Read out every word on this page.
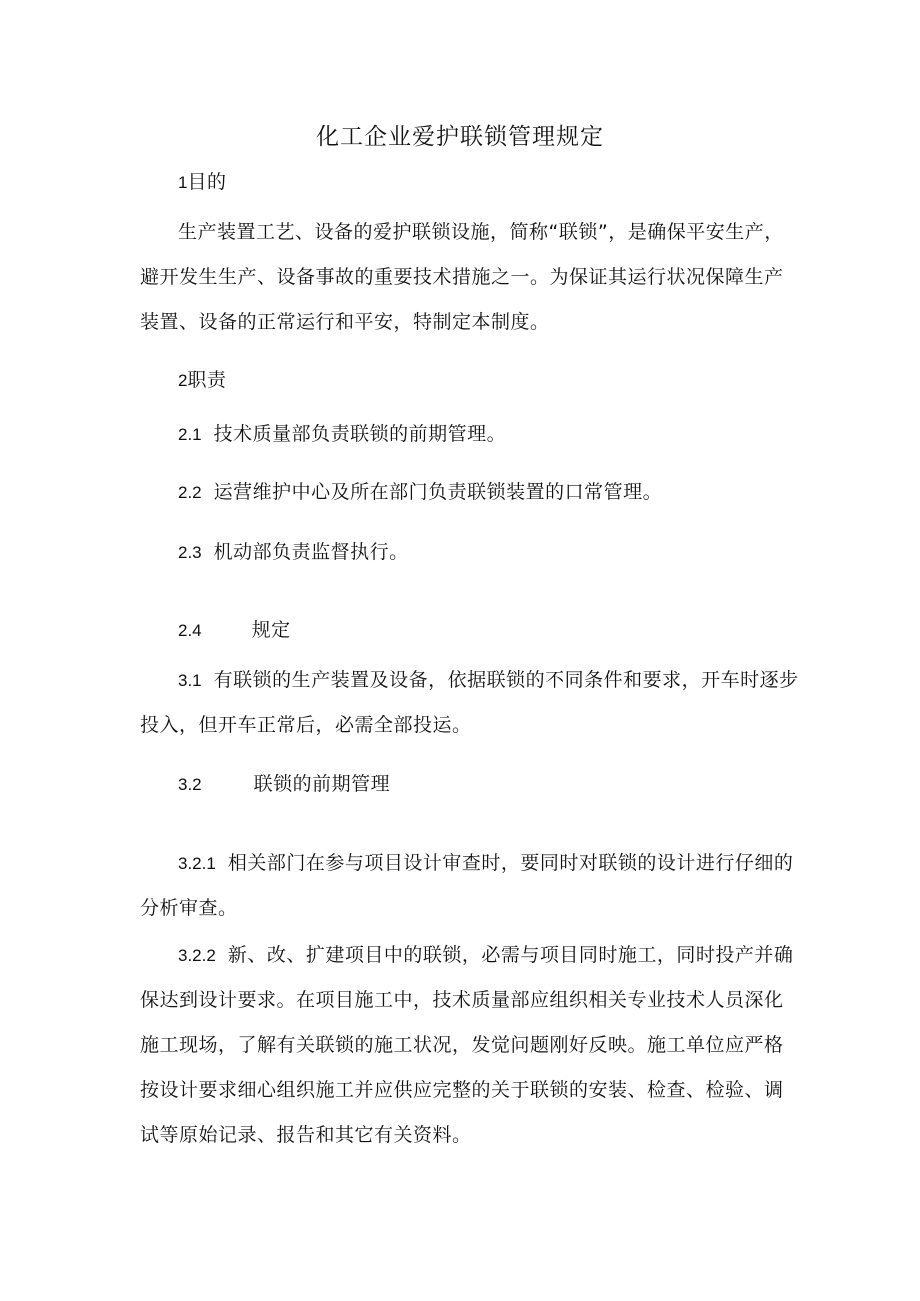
化工企业爱护联锁管理规定

1目的

生产装置工艺、设备的爱护联锁设施，简称“联锁”，是确保平安生产，避开发生生产、设备事故的重要技术措施之一。为保证其运行状况保障生产装置、设备的正常运行和平安，特制定本制度。

2职责

2.1 技术质量部负责联锁的前期管理。

2.2 运营维护中心及所在部门负责联锁装置的口常管理。

2.3 机动部负责监督执行。

2.4	规定

3.1 有联锁的生产装置及设备，依据联锁的不同条件和要求，开车时逐步投入，但开车正常后，必需全部投运。

3.2	联锁的前期管理

3.2.1 相关部门在参与项目设计审查时，要同时对联锁的设计进行仔细的分析审查。

3.2.2 新、改、扩建项目中的联锁，必需与项目同时施工，同时投产并确保达到设计要求。在项目施工中，技术质量部应组织相关专业技术人员深化施工现场，了解有关联锁的施工状况，发觉问题刚好反映。施工单位应严格按设计要求细心组织施工并应供应完整的关于联锁的安装、检查、检验、调试等原始记录、报告和其它有关资料。
